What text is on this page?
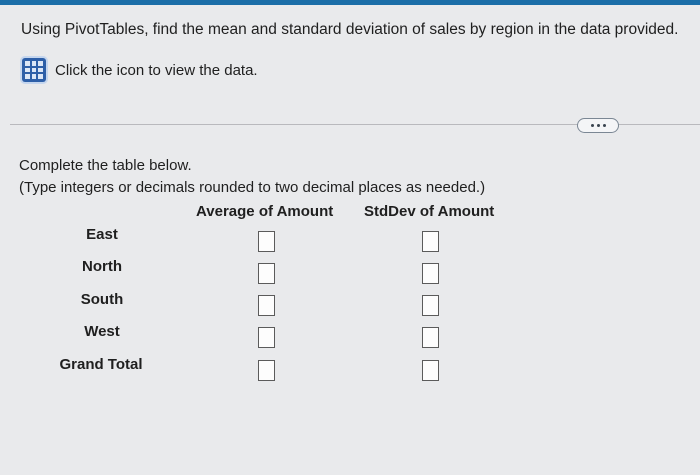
Using PivotTables, find the mean and standard deviation of sales by region in the data provided.
Click the icon to view the data.
Complete the table below.
(Type integers or decimals rounded to two decimal places as needed.)
Average of Amount StdDev of Amount
East
North
South
West
Grand Total
